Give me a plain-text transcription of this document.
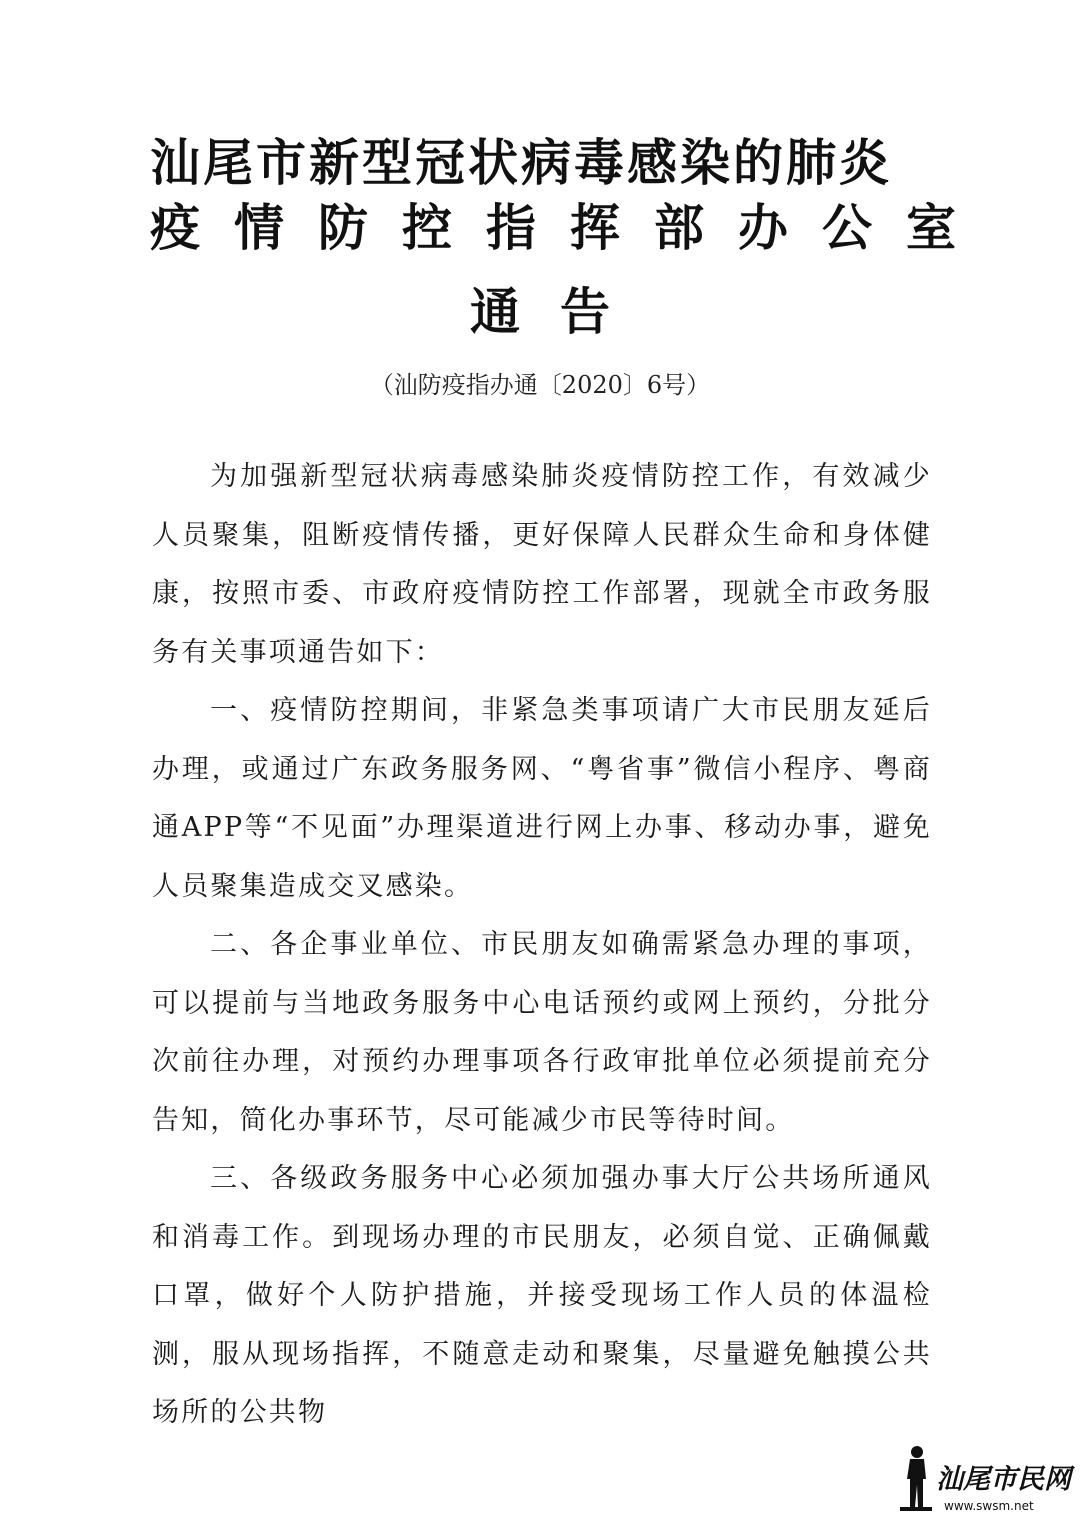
汕尾市新型冠状病毒感染的肺炎
疫情防控指挥部办公室
通告
（汕防疫指办通〔2020〕6号）

为加强新型冠状病毒感染肺炎疫情防控工作，有效减少人员聚集，阻断疫情传播，更好保障人民群众生命和身体健康，按照市委、市政府疫情防控工作部署，现就全市政务服务有关事项通告如下：

一、疫情防控期间，非紧急类事项请广大市民朋友延后办理，或通过广东政务服务网、“粤省事”微信小程序、粤商通APP等“不见面”办理渠道进行网上办事、移动办事，避免人员聚集造成交叉感染。

二、各企事业单位、市民朋友如确需紧急办理的事项，可以提前与当地政务服务中心电话预约或网上预约，分批分次前往办理，对预约办理事项各行政审批单位必须提前充分告知，简化办事环节，尽可能减少市民等待时间。

三、各级政务服务中心必须加强办事大厅公共场所通风和消毒工作。到现场办理的市民朋友，必须自觉、正确佩戴口罩，做好个人防护措施，并接受现场工作人员的体温检测，服从现场指挥，不随意走动和聚集，尽量避免触摸公共场所的公共物

汕尾市民网
www.swsm.net
